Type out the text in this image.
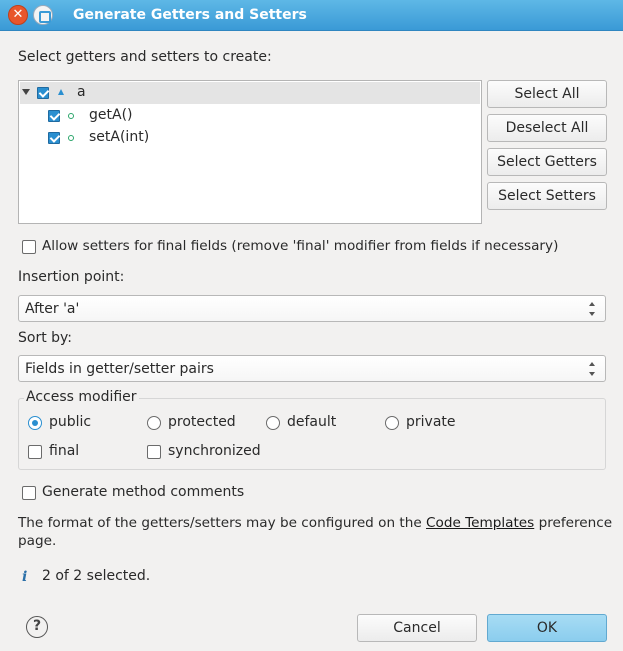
✕	Generate Getters and Setters
Select getters and setters to create:
a
getA()
setA(int)
Select All
Deselect All
Select Getters
Select Setters
Allow setters for final fields (remove 'final' modifier from fields if necessary)
Insertion point:
After 'a'
Sort by:
Fields in getter/setter pairs
Access modifier
public	protected	default	private
final	synchronized
Generate method comments
The format of the getters/setters may be configured on the Code Templates preference
page.
i 2 of 2 selected.
?	Cancel	OK
